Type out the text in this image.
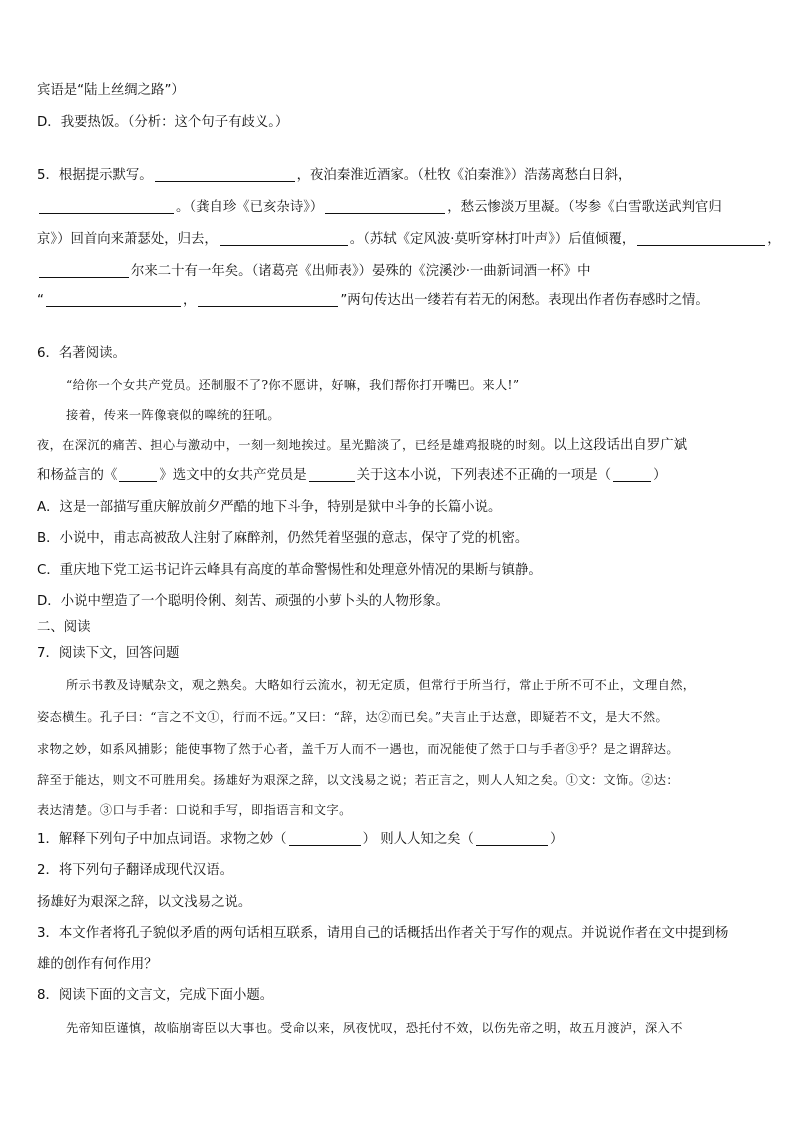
宾语是“陆上丝绸之路”）
D．我要热饭。（分析：这个句子有歧义。）
5．根据提示默写。	，夜泊秦淮近酒家。（杜牧《泊秦淮》）浩荡离愁白日斜，
。（龚自珍《已亥杂诗》）	，愁云惨淡万里凝。（岑参《白雪歌送武判官归
京》）回首向来萧瑟处，归去，	。（苏轼《定风波·莫听穿林打叶声》）后值倾覆，	，
尔来二十有一年矣。（诸葛亮《出师表》）晏殊的《浣溪沙·一曲新词酒一杯》中
“	，	”两句传达出一缕若有若无的闲愁。表现出作者伤春感时之情。
6．名著阅读。
“给你一个女共产党员。还制服不了?你不愿讲，好嘛，我们帮你打开嘴巴。来人!”
接着，传来一阵像衰似的嗥统的狂吼。
夜，在深沉的痛苦、担心与激动中，一刻一刻地挨过。星光黯淡了，已经是雄鸡报晓的时刻。以上这段话出自罗广斌
和杨益言的《	》选文中的女共产党员是	关于这本小说，下列表述不正确的一项是（	）
A．这是一部描写重庆解放前夕严酷的地下斗争，特别是狱中斗争的长篇小说。
B．小说中，甫志高被敌人注射了麻醉剂，仍然凭着坚强的意志，保守了党的机密。
C．重庆地下党工运书记许云峰具有高度的革命警惕性和处理意外情况的果断与镇静。
D．小说中塑造了一个聪明伶俐、刻苦、顽强的小萝卜头的人物形象。
二、阅读
7．阅读下文，回答问题
所示书教及诗赋杂文，观之熟矣。大略如行云流水，初无定质，但常行于所当行，常止于所不可不止，文理自然，
姿态横生。孔子曰：“言之不文①，行而不远。”又曰：“辞，达②而已矣。”夫言止于达意，即疑若不文，是大不然。
求物之妙，如系风捕影；能使事物了然于心者，盖千万人而不一遇也，而况能使了然于口与手者③乎？是之谓辞达。
辞至于能达，则文不可胜用矣。扬雄好为艰深之辞，以文浅易之说；若正言之，则人人知之矣。①文：文饰。②达：
表达清楚。③口与手者：口说和手写，即指语言和文字。
1．解释下列句子中加点词语。求物之妙（	） 则人人知之矣（	）
2．将下列句子翻译成现代汉语。
扬雄好为艰深之辞，以文浅易之说。
3．本文作者将孔子貌似矛盾的两句话相互联系，请用自己的话概括出作者关于写作的观点。并说说作者在文中提到杨
雄的创作有何作用？
8．阅读下面的文言文，完成下面小题。
先帝知臣谨慎，故临崩寄臣以大事也。受命以来，夙夜忧叹，恐托付不效，以伤先帝之明，故五月渡泸，深入不
